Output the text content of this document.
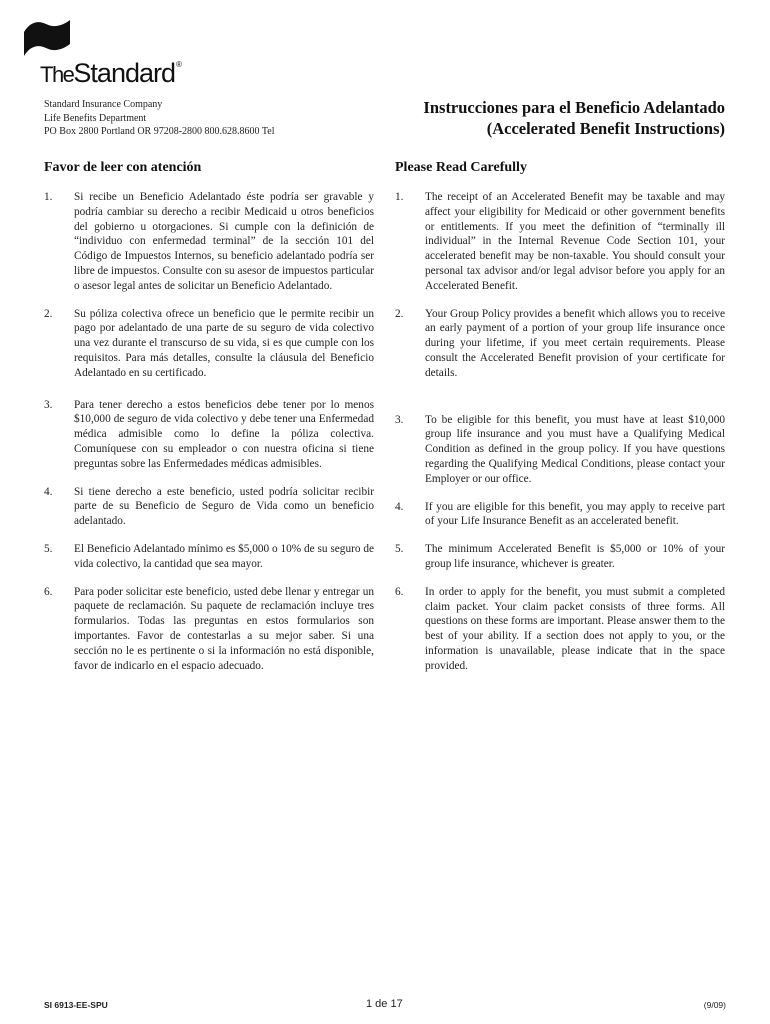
TheStandard®
Standard Insurance Company
Life Benefits Department
PO Box 2800 Portland OR 97208-2800 800.628.8600 Tel
Instrucciones para el Beneficio Adelantado
(Accelerated Benefit Instructions)
Favor de leer con atención	Please Read Carefully
1.	Si recibe un Beneficio Adelantado éste podría ser gravable y podría cambiar su derecho a recibir Medicaid u otros beneficios del gobierno u otorgaciones. Si cumple con la definición de “individuo con enfermedad terminal” de la sección 101 del Código de Impuestos Internos, su beneficio adelantado podría ser libre de impuestos. Consulte con su asesor de impuestos particular o asesor legal antes de solicitar un Beneficio Adelantado.
2.	Su póliza colectiva ofrece un beneficio que le permite recibir un pago por adelantado de una parte de su seguro de vida colectivo una vez durante el transcurso de su vida, si es que cumple con los requisitos. Para más detalles, consulte la cláusula del Beneficio Adelantado en su certificado.
3.	Para tener derecho a estos beneficios debe tener por lo menos $10,000 de seguro de vida colectivo y debe tener una Enfermedad médica admisible como lo define la póliza colectiva. Comuníquese con su empleador o con nuestra oficina si tiene preguntas sobre las Enfermedades médicas admisibles.
4.	Si tiene derecho a este beneficio, usted podría solicitar recibir parte de su Beneficio de Seguro de Vida como un beneficio adelantado.
5.	El Beneficio Adelantado mínimo es $5,000 o 10% de su seguro de vida colectivo, la cantidad que sea mayor.
6.	Para poder solicitar este beneficio, usted debe llenar y entregar un paquete de reclamación. Su paquete de reclamación incluye tres formularios. Todas las preguntas en estos formularios son importantes. Favor de contestarlas a su mejor saber. Si una sección no le es pertinente o si la información no está disponible, favor de indicarlo en el espacio adecuado.
1.	The receipt of an Accelerated Benefit may be taxable and may affect your eligibility for Medicaid or other government benefits or entitlements. If you meet the definition of “terminally ill individual” in the Internal Revenue Code Section 101, your accelerated benefit may be non-taxable. You should consult your personal tax advisor and/or legal advisor before you apply for an Accelerated Benefit.
2.	Your Group Policy provides a benefit which allows you to receive an early payment of a portion of your group life insurance once during your lifetime, if you meet certain requirements. Please consult the Accelerated Benefit provision of your certificate for details.
3.	To be eligible for this benefit, you must have at least $10,000 group life insurance and you must have a Qualifying Medical Condition as defined in the group policy. If you have questions regarding the Qualifying Medical Conditions, please contact your Employer or our office.
4.	If you are eligible for this benefit, you may apply to receive part of your Life Insurance Benefit as an accelerated benefit.
5.	The minimum Accelerated Benefit is $5,000 or 10% of your group life insurance, whichever is greater.
6.	In order to apply for the benefit, you must submit a completed claim packet. Your claim packet consists of three forms. All questions on these forms are important. Please answer them to the best of your ability. If a section does not apply to you, or the information is unavailable, please indicate that in the space provided.
SI 6913-EE-SPU	1 de 17	(9/09)
